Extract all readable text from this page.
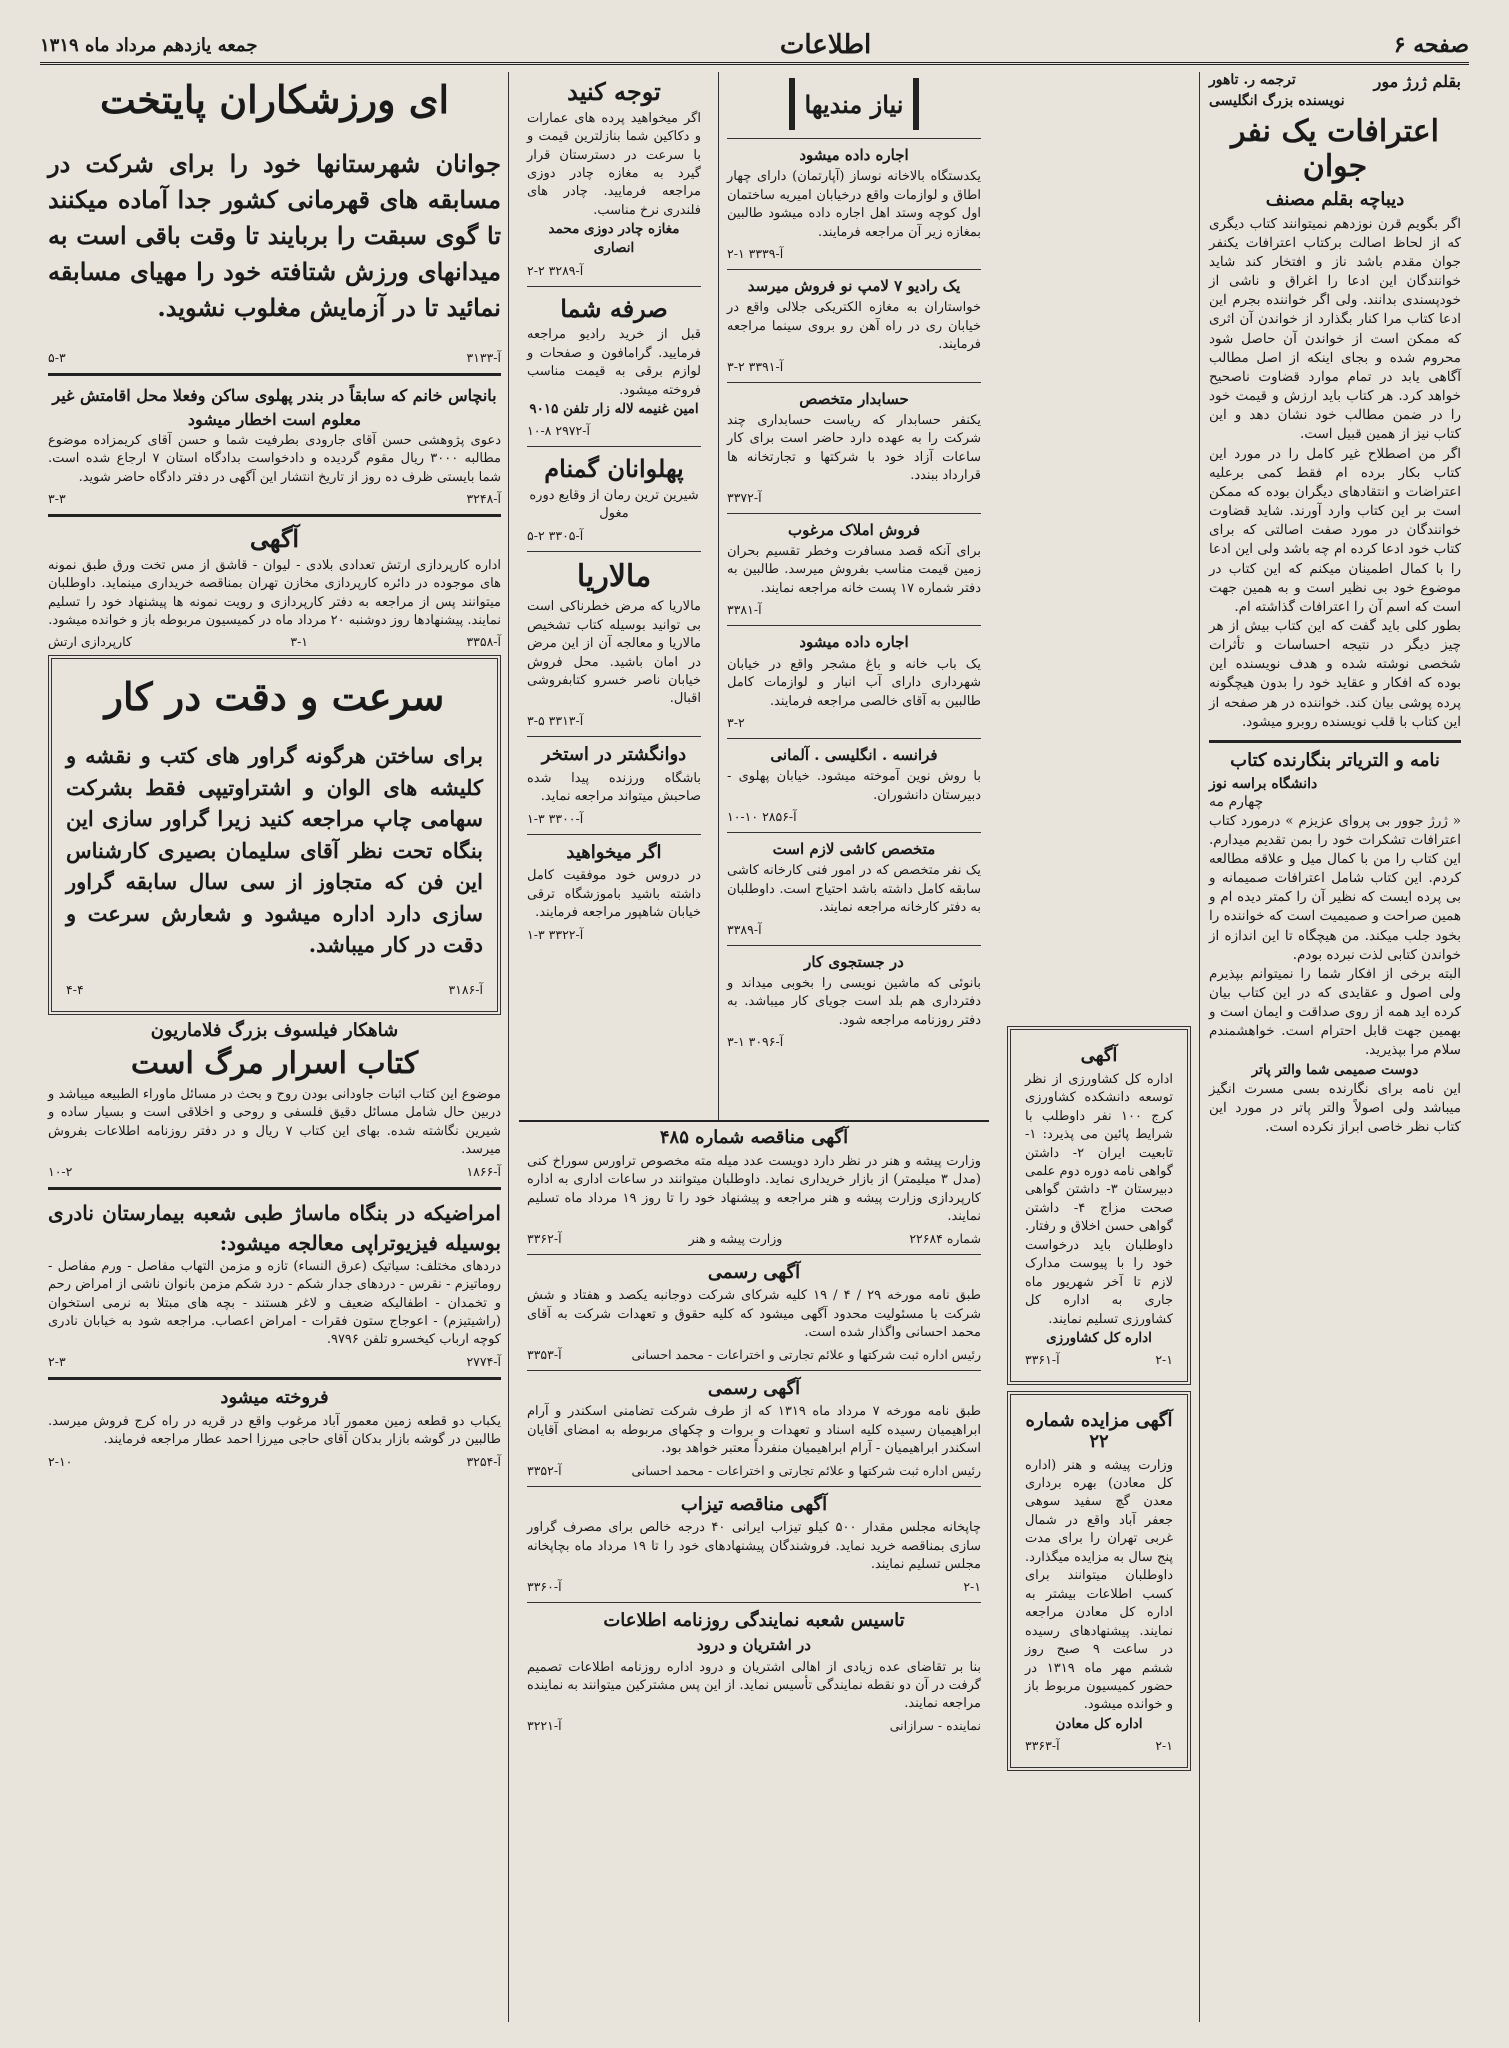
صفحه ۶
اطلاعات
جمعه یازدهم مرداد ماه ۱۳۱۹
بقلم ژرژ مور
ترجمه ر. تاهور

نویسنده بزرگ انگلیسی

اعترافات یک نفر جوان
دیباچه بقلم مصنف

اگر بگویم قرن نوزدهم نمیتوانند کتاب دیگری که از لحاظ اصالت برکتاب اعترافات یکنفر جوان مقدم باشد ناز و افتخار کند شاید خوانندگان این ادعا را اغراق و ناشی از خودپسندی بدانند. ولی اگر خواننده بجرم این ادعا کتاب مرا کنار بگذارد از خواندن آن اثری که ممکن است از خواندن آن حاصل شود محروم شده و بجای اینکه از اصل مطالب آگاهی یابد در تمام موارد قضاوت ناصحیح خواهد کرد. هر کتاب باید ارزش و قیمت خود را در ضمن مطالب خود نشان دهد و این کتاب نیز از همین قبیل است.

اگر من اصطلاح غیر کامل را در مورد این کتاب بکار برده ام فقط کمی برعلیه اعتراضات و انتقادهای دیگران بوده که ممکن است بر این کتاب وارد آورند. شاید قضاوت خوانندگان در مورد صفت اصالتی که برای کتاب خود ادعا کرده ام چه باشد ولی این ادعا را با کمال اطمینان میکنم که این کتاب در موضوع خود بی نظیر است و به همین جهت است که اسم آن را اعترافات گذاشته ام.

بطور کلی باید گفت که این کتاب بیش از هر چیز دیگر در نتیجه احساسات و تأثرات شخصی نوشته شده و هدف نویسنده این بوده که افکار و عقاید خود را بدون هیچگونه پرده پوشی بیان کند. خواننده در هر صفحه از این کتاب با قلب نویسنده روبرو میشود.

نامه و التریاتر بنگارنده کتاب

دانشگاه براسه نوز

چهارم مه

« ژرژ جوور بی پروای عزیزم » درمورد کتاب اعترافات تشکرات خود را بمن تقدیم میدارم. این کتاب را من با کمال میل و علاقه مطالعه کردم. این کتاب شامل اعترافات صمیمانه و بی پرده ایست که نظیر آن را کمتر دیده ام و همین صراحت و صمیمیت است که خواننده را بخود جلب میکند. من هیچگاه تا این اندازه از خواندن کتابی لذت نبرده بودم.

البته برخی از افکار شما را نمیتوانم بپذیرم ولی اصول و عقایدی که در این کتاب بیان کرده اید همه از روی صداقت و ایمان است و بهمین جهت قابل احترام است. خواهشمندم سلام مرا بپذیرید.

دوست صمیمی شما والتر پاتر

این نامه برای نگارنده بسی مسرت انگیز میباشد ولی اصولاً والتر پاتر در مورد این کتاب نظر خاصی ابراز نکرده است.

آگهی

اداره کل کشاورزی از نظر توسعه دانشکده کشاورزی کرج ۱۰۰ نفر داوطلب با شرایط پائین می پذیرد: ۱- تابعیت ایران ۲- داشتن گواهی نامه دوره دوم علمی دبیرستان ۳- داشتن گواهی صحت مزاج ۴- داشتن گواهی حسن اخلاق و رفتار. داوطلبان باید درخواست خود را با پیوست مدارک لازم تا آخر شهریور ماه جاری به اداره کل کشاورزی تسلیم نمایند.

اداره کل کشاورزی

آ-۳۳۶۱	۲-۱
آگهی مزایده شماره ۲۲

وزارت پیشه و هنر (اداره کل معادن) بهره برداری معدن گچ سفید سوهی جعفر آباد واقع در شمال غربی تهران را برای مدت پنج سال به مزایده میگذارد. داوطلبان میتوانند برای کسب اطلاعات بیشتر به اداره کل معادن مراجعه نمایند. پیشنهادهای رسیده در ساعت ۹ صبح روز ششم مهر ماه ۱۳۱۹ در حضور کمیسیون مربوط باز و خوانده میشود.

اداره کل معادن

آ-۳۳۶۳	۲-۱
نیاز مندیها

اجاره داده میشود

یکدستگاه بالاخانه نوساز (آپارتمان) دارای چهار اطاق و لوازمات واقع درخیابان امیریه ساختمان اول کوچه وستد اهل اجاره داده میشود طالبین بمغازه زیر آن مراجعه فرمایند.

۲-۱ آ-۳۳۳۹

یک رادیو ۷ لامپ نو فروش میرسد

خواستاران به مغازه الکتریکی جلالی واقع در خیابان ری در راه آهن رو بروی سینما مراجعه فرمایند.

۳-۲ آ-۳۳۹۱

حسابدار متخصص

یکنفر حسابدار که ریاست حسابداری چند شرکت را به عهده دارد حاضر است برای کار ساعات آزاد خود با شرکتها و تجارتخانه ها قرارداد ببندد.

آ-۳۳۷۲

فروش املاک مرغوب

برای آنکه قصد مسافرت وخطر تقسیم بحران زمین قیمت مناسب بفروش میرسد. طالبین به دفتر شماره ۱۷ پست خانه مراجعه نمایند.

آ-۳۳۸۱

اجاره داده میشود

یک باب خانه و باغ مشجر واقع در خیابان شهرداری دارای آب انبار و لوازمات کامل طالبین به آقای خالصی مراجعه فرمایند.

۳-۲

فرانسه . انگلیسی . آلمانی

با روش نوین آموخته میشود. خیابان پهلوی - دبیرستان دانشوران.

۱۰-۱۰ آ-۲۸۵۶

متخصص کاشی لازم است

یک نفر متخصص که در امور فنی کارخانه کاشی سابقه کامل داشته باشد احتیاج است. داوطلبان به دفتر کارخانه مراجعه نمایند.

آ-۳۳۸۹

در جستجوی کار

بانوئی که ماشین نویسی را بخوبی میداند و دفترداری هم بلد است جویای کار میباشد. به دفتر روزنامه مراجعه شود.

۳-۱ آ-۳۰۹۶

توجه کنید

اگر میخواهید پرده های عمارات و دکاکین شما بنازلترین قیمت و با سرعت در دسترستان قرار گیرد به مغازه چادر دوزی مراجعه فرمایید. چادر های فلندری نرخ مناسب.

مغازه چادر دوزی محمد انصاری

آ-۳۲۸۹ ۲-۲

صرفه شما

قبل از خرید رادیو مراجعه فرمایید. گرامافون و صفحات و لوازم برقی به قیمت مناسب فروخته میشود.

امین غنیمه لاله زار تلفن ۹۰۱۵

آ-۲۹۷۲ ۸-۱۰

پهلوانان گمنام

شیرین ترین رمان از وقایع دوره مغول

آ-۳۳۰۵ ۲-۵

مالاریا

مالاریا که مرض خطرناکی است بی توانید بوسیله کتاب تشخیص مالاریا و معالجه آن از این مرض در امان باشید. محل فروش خیابان ناصر خسرو کتابفروشی اقبال.

آ-۳۳۱۳ ۵-۳

دوانگشتر در استخر

باشگاه ورزنده پیدا شده صاحبش میتواند مراجعه نماید.

آ-۳۳۰۰ ۳-۱

اگر میخواهید

در دروس خود موفقیت کامل داشته باشید باموزشگاه ترقی خیابان شاهپور مراجعه فرمایند.

آ-۳۳۲۲ ۳-۱

آگهی مناقصه شماره ۴۸۵

وزارت پیشه و هنر در نظر دارد دویست عدد میله مته مخصوص تراورس سوراخ کنی (مدل ۳ میلیمتر) از بازار خریداری نماید. داوطلبان میتوانند در ساعات اداری به اداره کارپردازی وزارت پیشه و هنر مراجعه و پیشنهاد خود را تا روز ۱۹ مرداد ماه تسلیم نمایند.

آ-۳۳۶۲	وزارت پیشه و هنر	شماره ۲۲۶۸۴
آگهی رسمی

طبق نامه مورخه ۲۹ / ۴ / ۱۹ کلیه شرکای شرکت دوجانبه یکصد و هفتاد و شش شرکت با مسئولیت محدود آگهی میشود که کلیه حقوق و تعهدات شرکت به آقای محمد احسانی واگذار شده است.

آ-۳۳۵۳	رئیس اداره ثبت شرکتها و علائم تجارتی و اختراعات - محمد احسانی
آگهی رسمی

طبق نامه مورخه ۷ مرداد ماه ۱۳۱۹ که از طرف شرکت تضامنی اسکندر و آرام ابراهیمیان رسیده کلیه اسناد و تعهدات و بروات و چکهای مربوطه به امضای آقایان اسکندر ابراهیمیان - آرام ابراهیمیان منفرداً معتبر خواهد بود.

آ-۳۳۵۲	رئیس اداره ثبت شرکتها و علائم تجارتی و اختراعات - محمد احسانی
آگهی مناقصه تیزاب

چاپخانه مجلس مقدار ۵۰۰ کیلو تیزاب ایرانی ۴۰ درجه خالص برای مصرف گراور سازی بمناقصه خرید نماید. فروشندگان پیشنهادهای خود را تا ۱۹ مرداد ماه بچاپخانه مجلس تسلیم نمایند.

آ-۳۳۶۰	۲-۱
تاسیس شعبه نمایندگی روزنامه اطلاعات

در اشتریان و درود

بنا بر تقاضای عده زیادی از اهالی اشتریان و درود اداره روزنامه اطلاعات تصمیم گرفت در آن دو نقطه نمایندگی تأسیس نماید. از این پس مشترکین میتوانند به نماینده مراجعه نمایند.

آ-۳۲۲۱	نماینده - سرازانی
ای ورزشکاران پایتخت

جوانان شهرستانها خود را برای شرکت در مسابقه های قهرمانی کشور جدا آماده میکنند تا گوی سبقت را بربایند تا وقت باقی است به میدانهای ورزش شتافته خود را مهیای مسابقه نمائید تا در آزمایش مغلوب نشوید.

۵-۳	آ-۳۱۳۳

بانچاس خانم که سابقاً در بندر پهلوی ساکن وفعلا محل اقامتش غیر معلوم است اخطار میشود

دعوی پژوهشی حسن آقای جارودی بطرفیت شما و حسن آقای کریمزاده موضوع مطالبه ۳۰۰۰ ریال مقوم گردیده و دادخواست بدادگاه استان ۷ ارجاع شده است. شما بایستی ظرف ده روز از تاریخ انتشار این آگهی در دفتر دادگاه حاضر شوید.

۳-۳	آ-۳۲۴۸
آگهی

اداره کارپردازی ارتش تعدادی بلادی - لیوان - قاشق از مس تخت ورق طبق نمونه های موجوده در دائره کارپردازی مخازن تهران بمناقصه خریداری مینماید. داوطلبان میتوانند پس از مراجعه به دفتر کارپردازی و رویت نمونه ها پیشنهاد خود را تسلیم نمایند. پیشنهادها روز دوشنبه ۲۰ مرداد ماه در کمیسیون مربوطه باز و خوانده میشود.

کارپردازی ارتش	۳-۱	آ-۳۳۵۸
سرعت و دقت در کار

برای ساختن هرگونه گراور های کتب و نقشه و کلیشه های الوان و اشتراوتیپی فقط بشرکت سهامی چاپ مراجعه کنید زیرا گراور سازی این بنگاه تحت نظر آقای سلیمان بصیری کارشناس این فن که متجاوز از سی سال سابقه گراور سازی دارد اداره میشود و شعارش سرعت و دقت در کار میباشد.

۴-۴	آ-۳۱۸۶
شاهکار فیلسوف بزرگ فلاماریون
کتاب اسرار مرگ است

موضوع این کتاب اثبات جاودانی بودن روح و بحث در مسائل ماوراء الطبیعه میباشد و دربین حال شامل مسائل دقیق فلسفی و روحی و اخلاقی است و بسیار ساده و شیرین نگاشته شده. بهای این کتاب ۷ ریال و در دفتر روزنامه اطلاعات بفروش میرسد.

۱۰-۲	آ-۱۸۶۶

امراضیکه در بنگاه ماساژ طبی شعبه بیمارستان نادری بوسیله فیزیوتراپی معالجه میشود:

دردهای مختلف: سیاتیک (عرق النساء) تازه و مزمن التهاب مفاصل - ورم مفاصل - روماتیزم - نقرس - دردهای جدار شکم - درد شکم مزمن بانوان ناشی از امراض رحم و تخمدان - اطفالیکه ضعیف و لاغر هستند - بچه های مبتلا به نرمی استخوان (راشیتیزم) - اعوجاج ستون فقرات - امراض اعصاب. مراجعه شود به خیابان نادری کوچه ارباب کیخسرو تلفن ۹۷۹۶.

۲-۳	آ-۲۷۷۴
فروخته میشود

یکباب دو قطعه زمین معمور آباد مرغوب واقع در قریه در راه کرج فروش میرسد. طالبین در گوشه بازار بدکان آقای حاجی میرزا احمد عطار مراجعه فرمایند.

۲-۱۰	آ-۳۲۵۴
